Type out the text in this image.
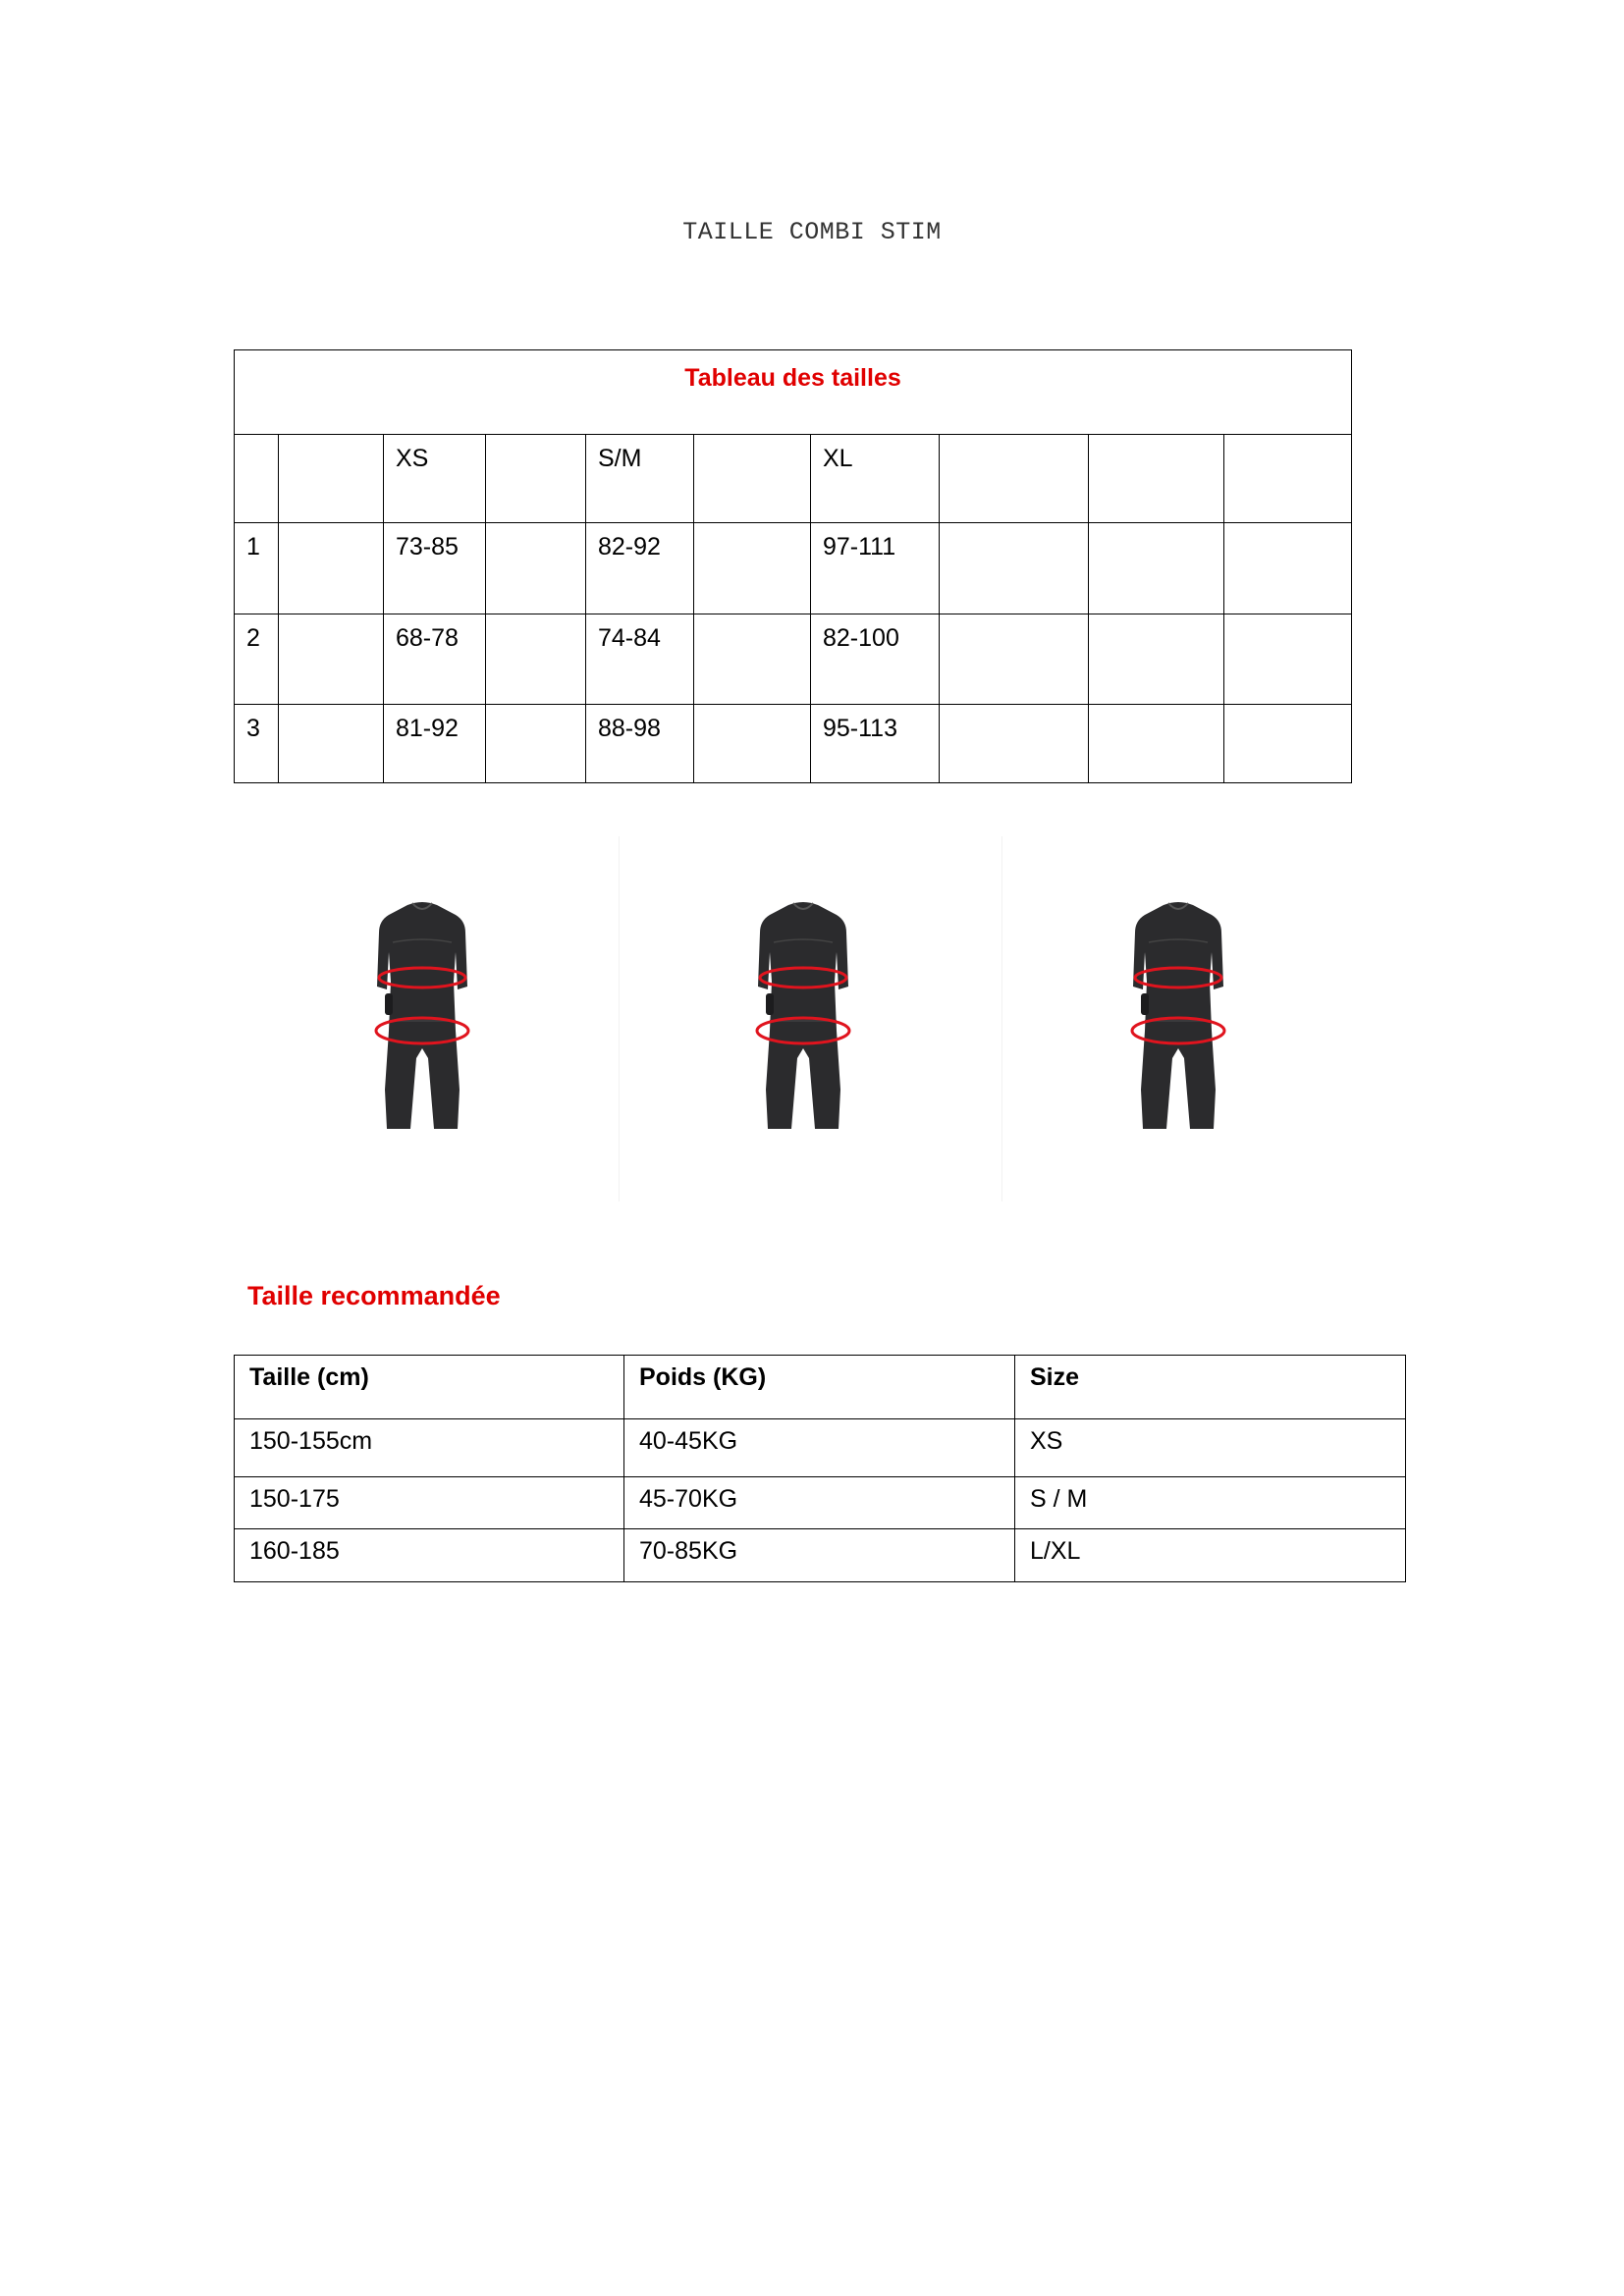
TAILLE COMBI STIM
Tableau des tailles									
		XS		S/M		XL			
1		73-85		82-92		97-111			
2		68-78		74-84		82-100			
3		81-92		88-98		95-113			
Taille recommandée
Taille (cm)	Poids (KG)	Size
150-155cm	40-45KG	XS
150-175	45-70KG	S / M
160-185	70-85KG	L/XL
